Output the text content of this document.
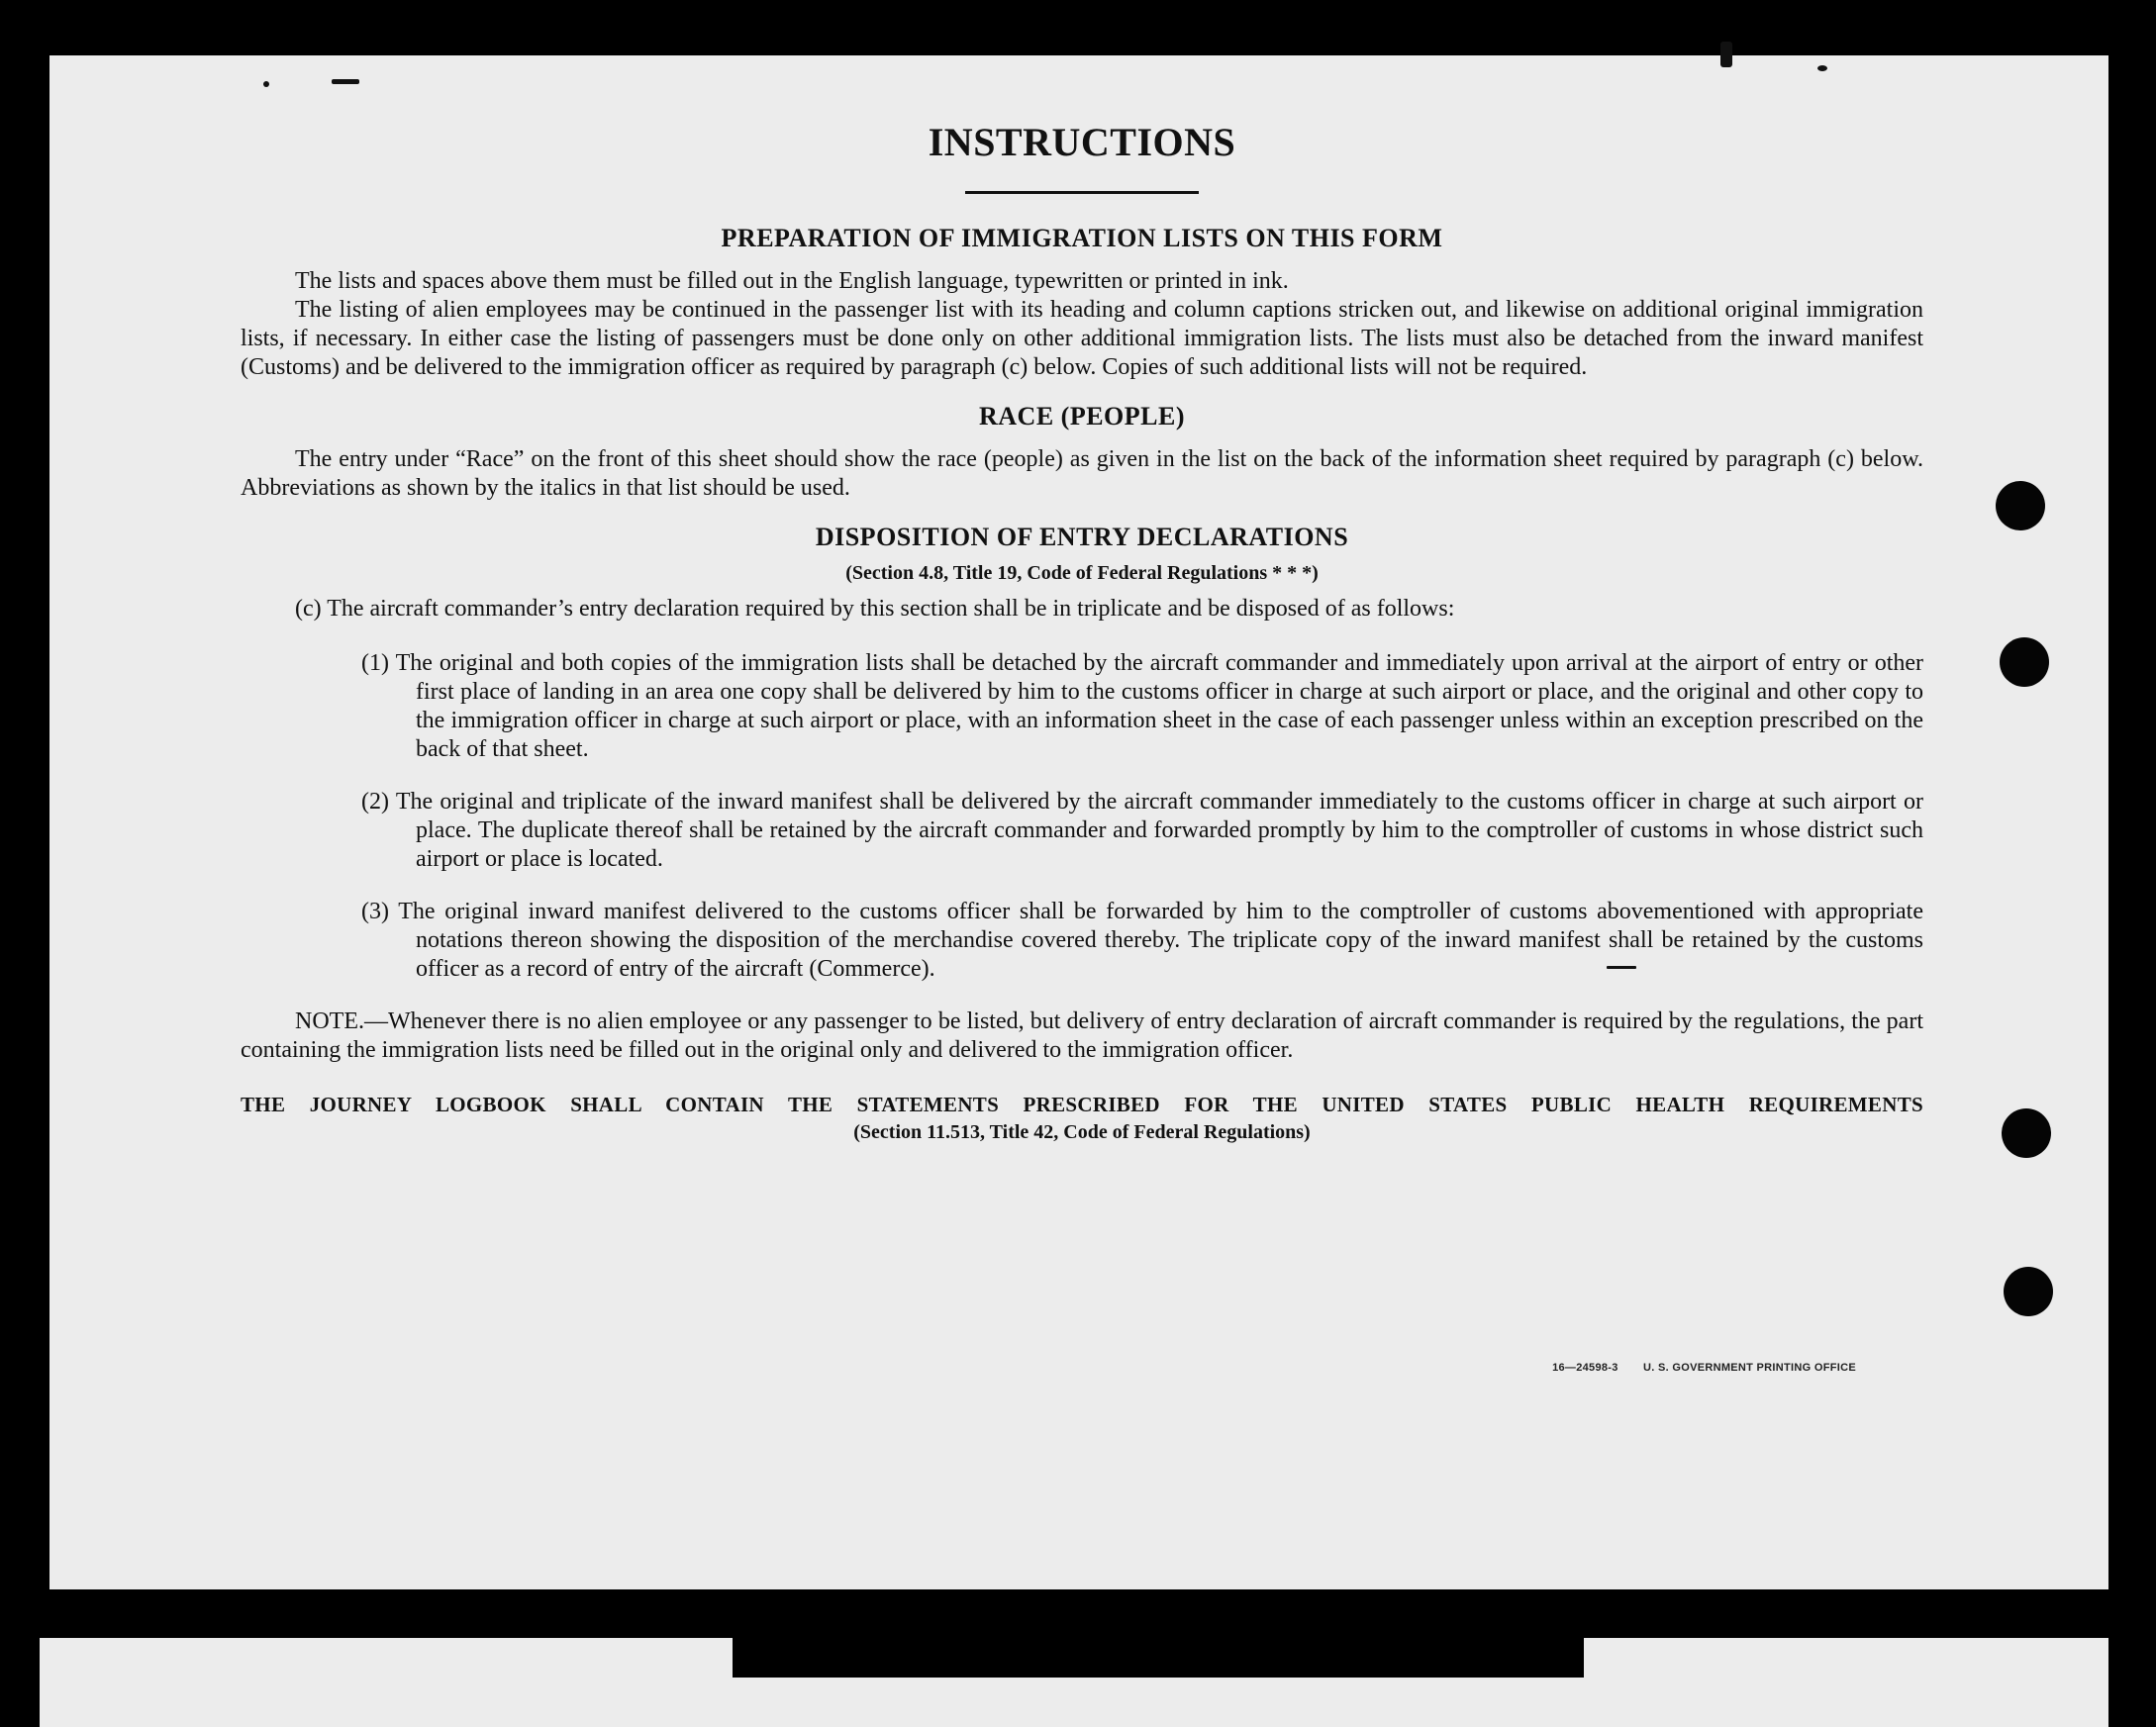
16—24598-3 U. S. GOVERNMENT PRINTING OFFICE
INSTRUCTIONS
PREPARATION OF IMMIGRATION LISTS ON THIS FORM

The lists and spaces above them must be filled out in the English language, typewritten or printed in ink.

The listing of alien employees may be continued in the passenger list with its heading and column captions stricken out, and likewise on additional original immigration lists, if necessary. In either case the listing of passengers must be done only on other additional immigration lists. The lists must also be detached from the inward manifest (Customs) and be delivered to the immigration officer as required by paragraph (c) below. Copies of such additional lists will not be required.

RACE (PEOPLE)

The entry under “Race” on the front of this sheet should show the race (people) as given in the list on the back of the information sheet required by paragraph (c) below. Abbreviations as shown by the italics in that list should be used.

DISPOSITION OF ENTRY DECLARATIONS
(Section 4.8, Title 19, Code of Federal Regulations * * *)

(c) The aircraft commander’s entry declaration required by this section shall be in triplicate and be disposed of as follows:

(1) The original and both copies of the immigration lists shall be detached by the aircraft commander and immediately upon arrival at the airport of entry or other first place of landing in an area one copy shall be delivered by him to the customs officer in charge at such airport or place, and the original and other copy to the immigration officer in charge at such airport or place, with an information sheet in the case of each passenger unless within an exception prescribed on the back of that sheet.
(2) The original and triplicate of the inward manifest shall be delivered by the aircraft commander immediately to the customs officer in charge at such airport or place. The duplicate thereof shall be retained by the aircraft commander and forwarded promptly by him to the comptroller of customs in whose district such airport or place is located.
(3) The original inward manifest delivered to the customs officer shall be forwarded by him to the comptroller of customs abovementioned with appropriate notations thereon showing the disposition of the merchandise covered thereby. The triplicate copy of the inward manifest shall be retained by the customs officer as a record of entry of the aircraft (Commerce).

NOTE.—Whenever there is no alien employee or any passenger to be listed, but delivery of entry declaration of aircraft commander is required by the regulations, the part containing the immigration lists need be filled out in the original only and delivered to the immigration officer.

THE JOURNEY LOGBOOK SHALL CONTAIN THE STATEMENTS PRESCRIBED FOR THE UNITED STATES PUBLIC HEALTH REQUIREMENTS
(Section 11.513, Title 42, Code of Federal Regulations)
